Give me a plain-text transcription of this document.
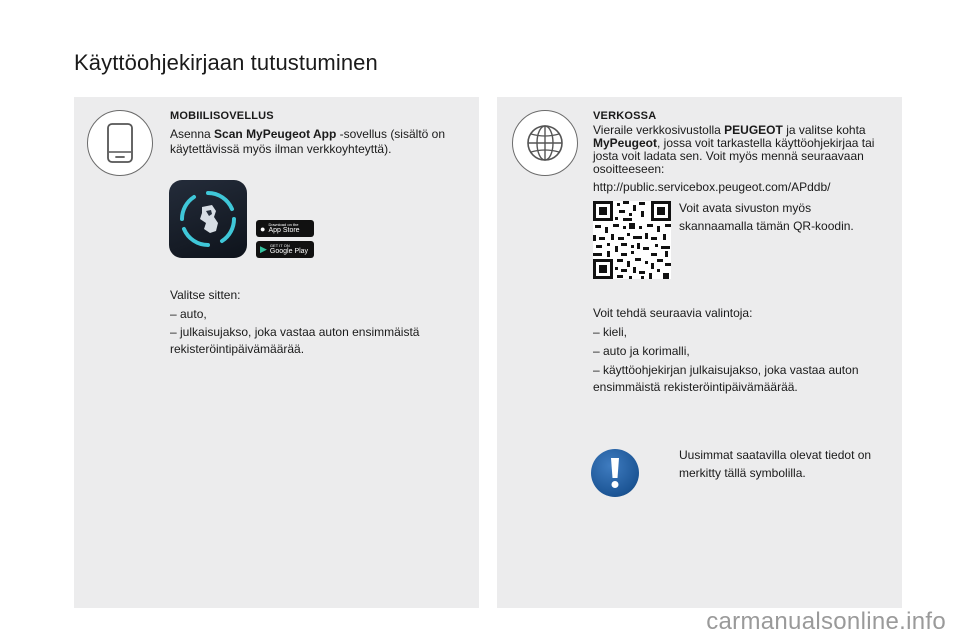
Käyttöohjekirjaan tutustuminen
MOBIILISOVELLUS
Asenna Scan MyPeugeot App -sovellus (sisältö on
käytettävissä myös ilman verkkoyhteyttä).
● Download on the
App Store
▶ GET IT ON
Google Play
Valitse sitten:
– auto,
– julkaisujakso, joka vastaa auton ensimmäistä
rekisteröintipäivämäärää.
VERKOSSA
Vieraile verkkosivustolla PEUGEOT ja valitse kohta
MyPeugeot, jossa voit tarkastella käyttöohjekirjaa tai
josta voit ladata sen. Voit myös mennä seuraavaan
osoitteeseen:
http://public.servicebox.peugeot.com/APddb/
Voit avata sivuston myös
skannaamalla tämän QR-koodin.
Voit tehdä seuraavia valintoja:
– kieli,
– auto ja korimalli,
– käyttöohjekirjan julkaisujakso, joka vastaa auton
ensimmäistä rekisteröintipäivämäärää.
Uusimmat saatavilla olevat tiedot on
merkitty tällä symbolilla.
carmanualsonline.info
